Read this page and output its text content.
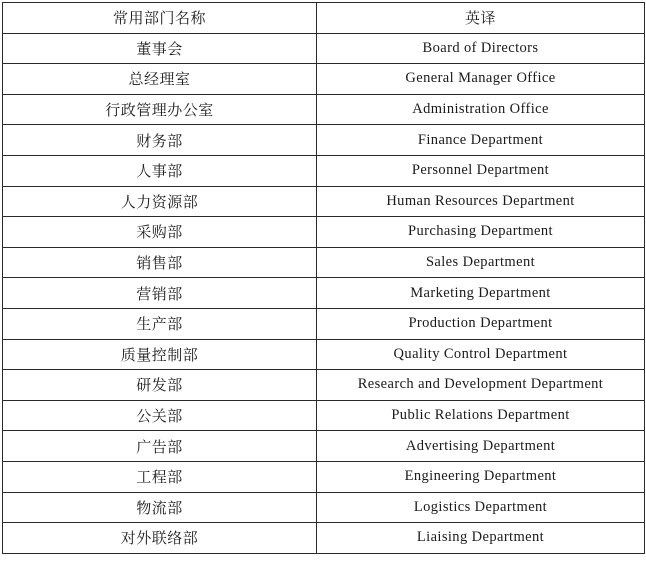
常用部门名称	英译
董事会	Board of Directors
总经理室	General Manager Office
行政管理办公室	Administration Office
财务部	Finance Department
人事部	Personnel Department
人力资源部	Human Resources Department
采购部	Purchasing Department
销售部	Sales Department
营销部	Marketing Department
生产部	Production Department
质量控制部	Quality Control Department
研发部	Research and Development Department
公关部	Public Relations Department
广告部	Advertising Department
工程部	Engineering Department
物流部	Logistics Department
对外联络部	Liaising Department
